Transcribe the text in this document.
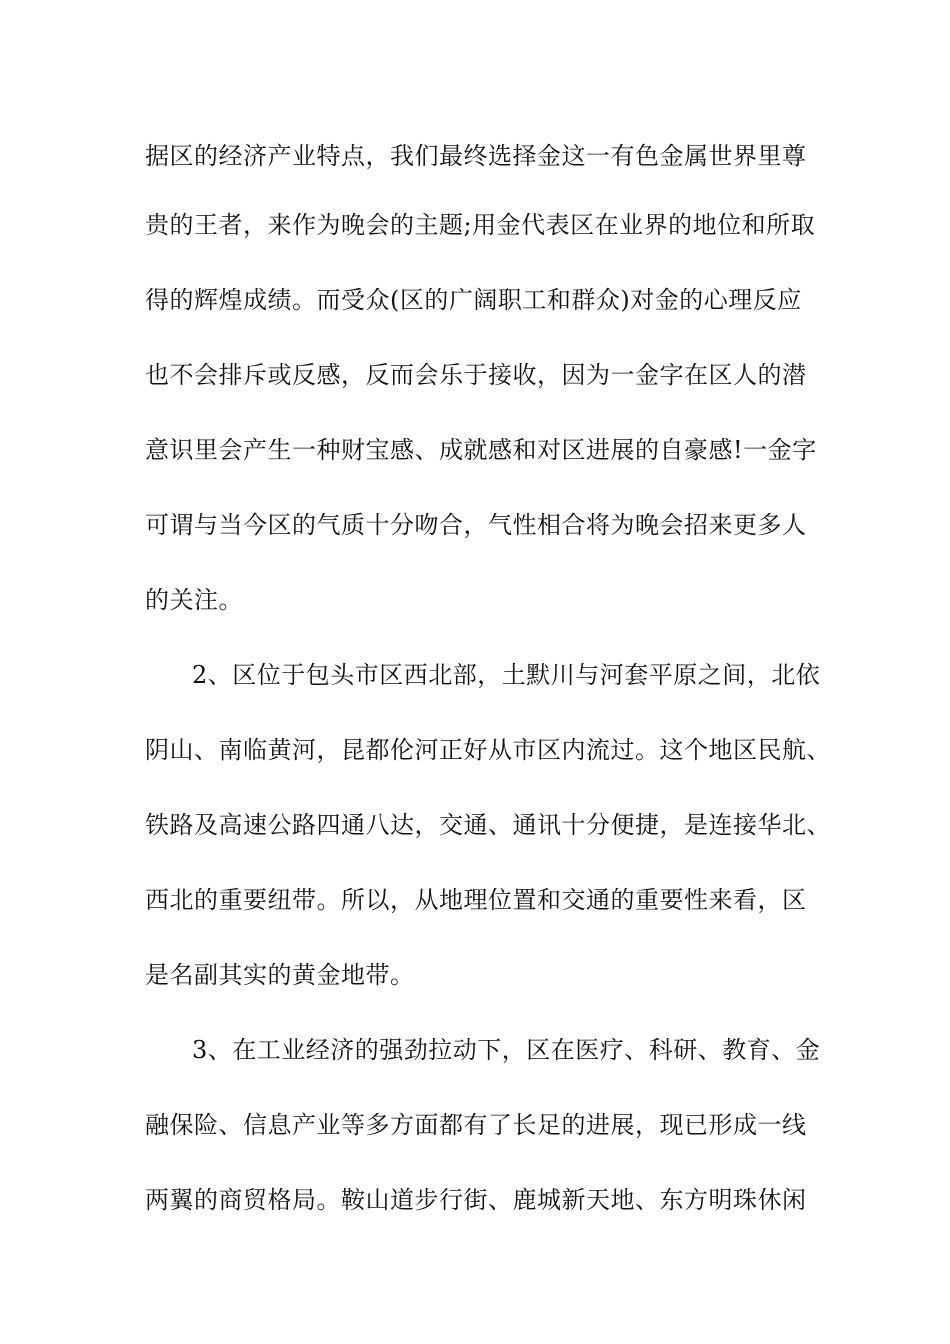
据区的经济产业特点，我们最终选择金这一有色金属世界里尊
贵的王者，来作为晚会的主题;用金代表区在业界的地位和所取
得的辉煌成绩。而受众(区的广阔职工和群众)对金的心理反应
也不会排斥或反感，反而会乐于接收，因为一金字在区人的潜
意识里会产生一种财宝感、成就感和对区进展的自豪感!一金字
可谓与当今区的气质十分吻合，气性相合将为晚会招来更多人
的关注。
2、区位于包头市区西北部，土默川与河套平原之间，北依
阴山、南临黄河，昆都伦河正好从市区内流过。这个地区民航、
铁路及高速公路四通八达，交通、通讯十分便捷，是连接华北、
西北的重要纽带。所以，从地理位置和交通的重要性来看，区
是名副其实的黄金地带。
3、在工业经济的强劲拉动下，区在医疗、科研、教育、金
融保险、信息产业等多方面都有了长足的进展，现已形成一线
两翼的商贸格局。鞍山道步行街、鹿城新天地、东方明珠休闲
